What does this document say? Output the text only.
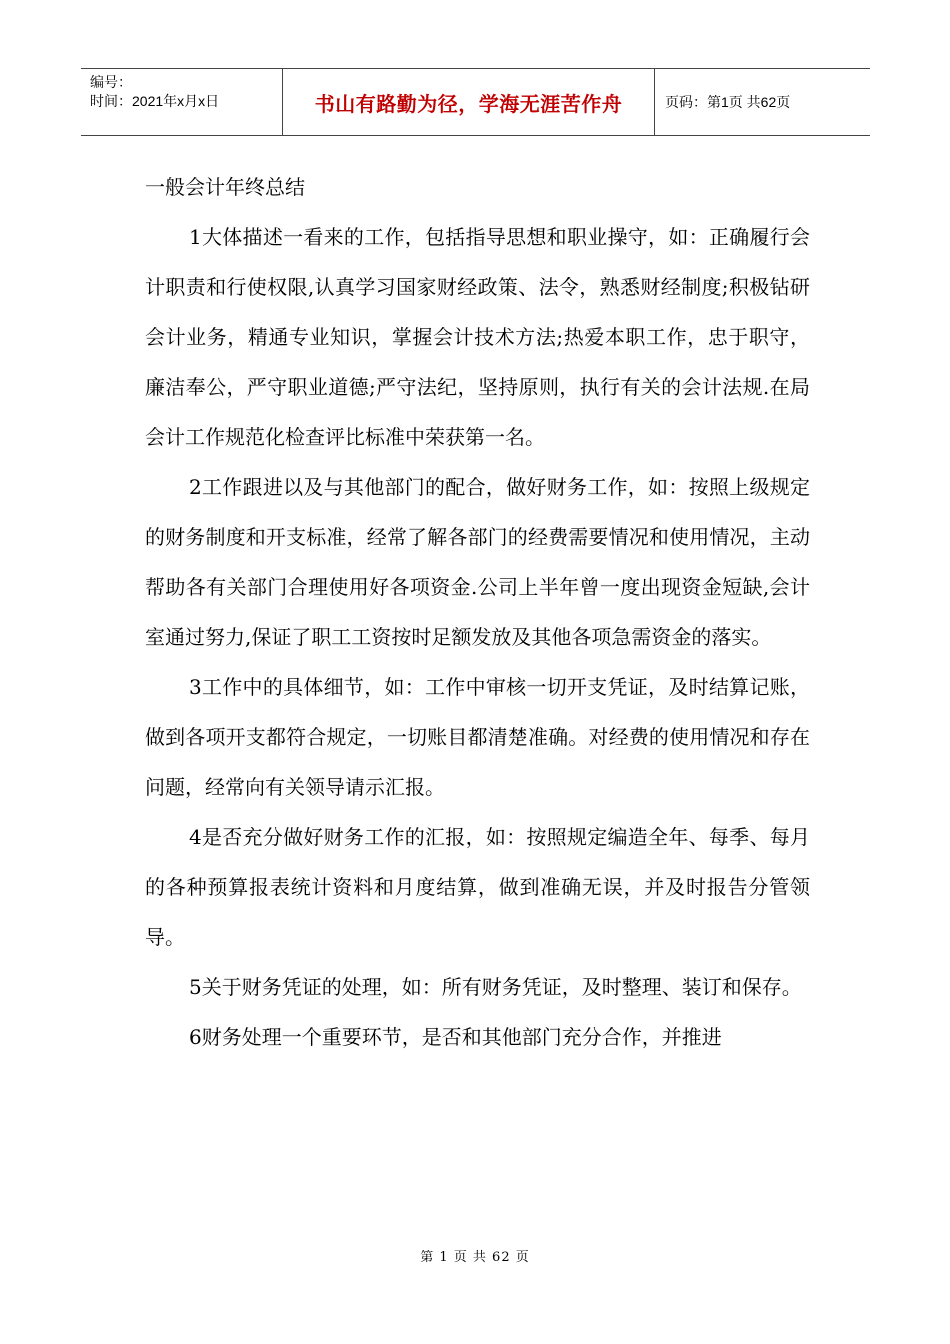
编号：
时间：2021年x月x日	书山有路勤为径，学海无涯苦作舟	页码：第1页 共62页
一般会计年终总结

1大体描述一看来的工作，包括指导思想和职业操守，如：正确履行会计职责和行使权限,认真学习国家财经政策、法令，熟悉财经制度;积极钻研会计业务，精通专业知识，掌握会计技术方法;热爱本职工作，忠于职守，廉洁奉公，严守职业道德;严守法纪，坚持原则，执行有关的会计法规.在局会计工作规范化检查评比标准中荣获第一名。

2工作跟进以及与其他部门的配合，做好财务工作，如：按照上级规定的财务制度和开支标准，经常了解各部门的经费需要情况和使用情况，主动帮助各有关部门合理使用好各项资金.公司上半年曾一度出现资金短缺,会计室通过努力,保证了职工工资按时足额发放及其他各项急需资金的落实。

3工作中的具体细节，如：工作中审核一切开支凭证，及时结算记账，做到各项开支都符合规定，一切账目都清楚准确。对经费的使用情况和存在问题，经常向有关领导请示汇报。

4是否充分做好财务工作的汇报，如：按照规定编造全年、每季、每月的各种预算报表统计资料和月度结算，做到准确无误，并及时报告分管领导。

5关于财务凭证的处理，如：所有财务凭证，及时整理、装订和保存。

6财务处理一个重要环节，是否和其他部门充分合作，并推进

第 1 页 共 62 页
